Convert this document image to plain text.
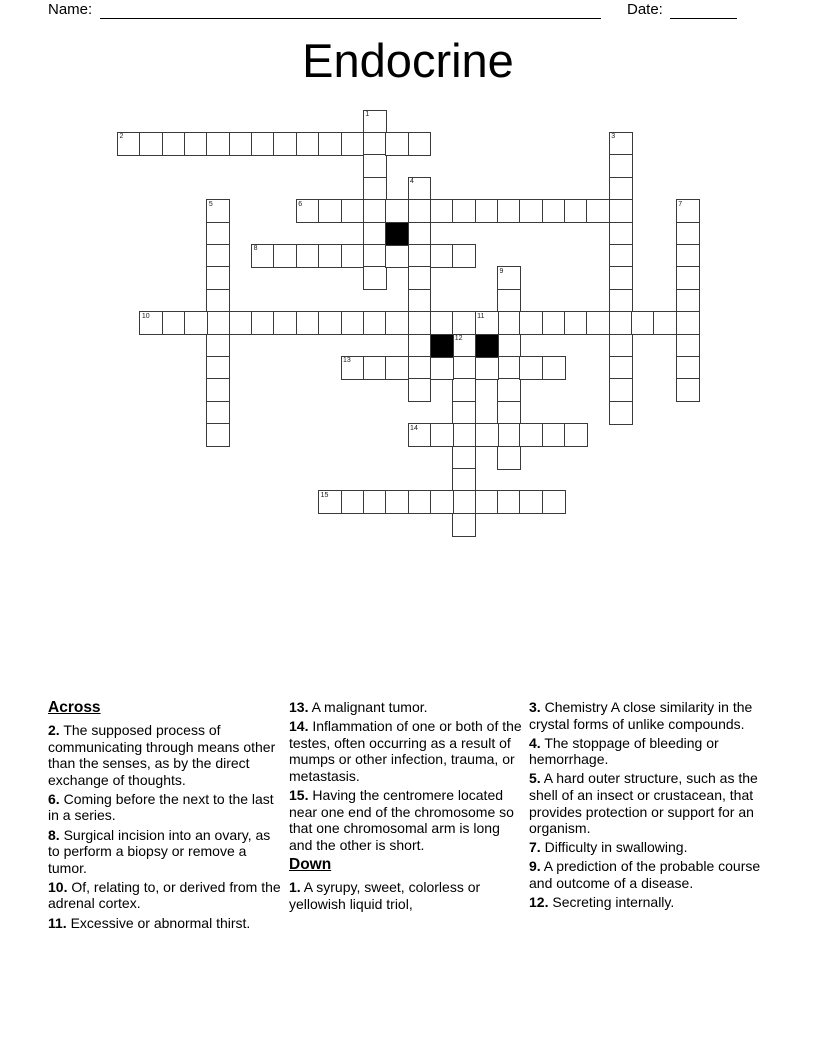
Name:	Date:
Endocrine
1
2	3
4
5	6	7
8
9
10	11
12
13
14
15
Across
2. The supposed process of communicating through means other than the senses, as by the direct exchange of thoughts.
6. Coming before the next to the last in a series.
8. Surgical incision into an ovary, as to perform a biopsy or remove a tumor.
10. Of, relating to, or derived from the adrenal cortex.
11. Excessive or abnormal thirst.
13. A malignant tumor.
14. Inflammation of one or both of the testes, often occurring as a result of mumps or other infection, trauma, or metastasis.
15. Having the centromere located near one end of the chromosome so that one chromosomal arm is long and the other is short.
Down
1. A syrupy, sweet, colorless or yellowish liquid triol,
3. Chemistry A close similarity in the crystal forms of unlike compounds.
4. The stoppage of bleeding or hemorrhage.
5. A hard outer structure, such as the shell of an insect or crustacean, that provides protection or support for an organism.
7. Difficulty in swallowing.
9. A prediction of the probable course and outcome of a disease.
12. Secreting internally.
